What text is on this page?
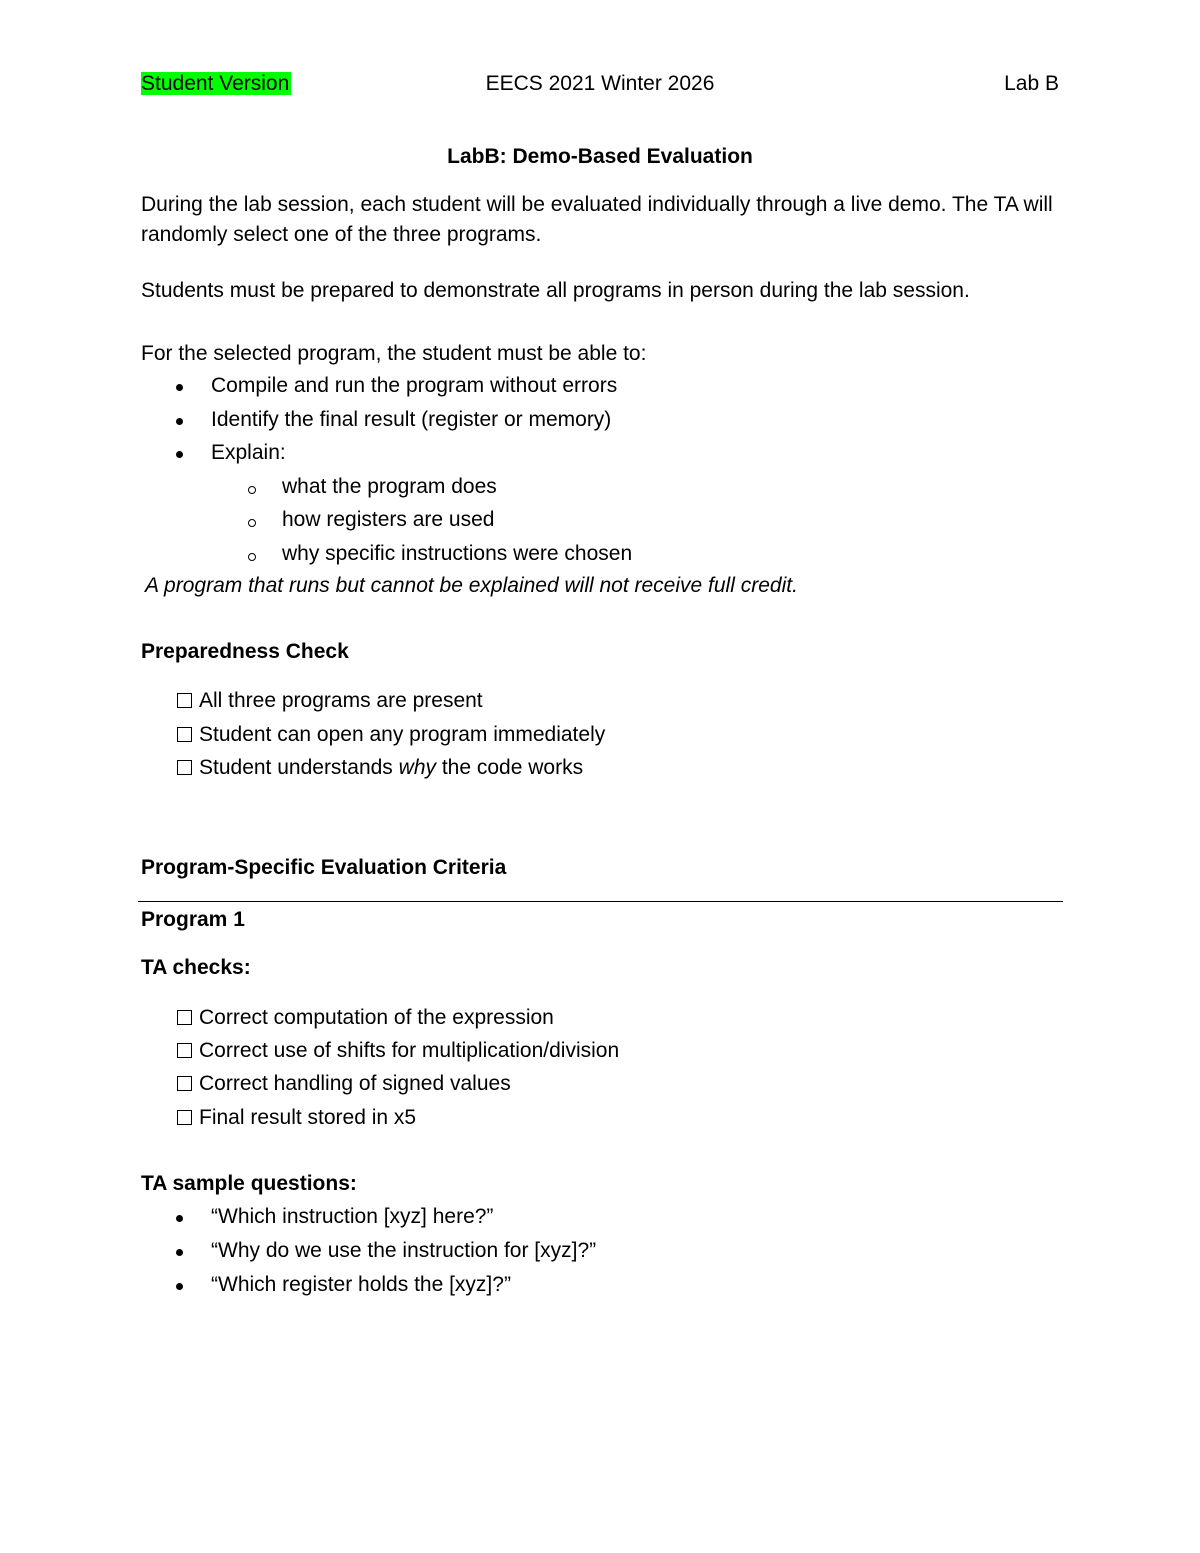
Student Version	EECS 2021 Winter 2026	Lab B
LabB: Demo-Based Evaluation
During the lab session, each student will be evaluated individually through a live demo. The TA will randomly select one of the three programs.
Students must be prepared to demonstrate all programs in person during the lab session.
For the selected program, the student must be able to:
Compile and run the program without errors
Identify the final result (register or memory)
Explain:
what the program does
how registers are used
why specific instructions were chosen
A program that runs but cannot be explained will not receive full credit.
Preparedness Check
All three programs are present
Student can open any program immediately
Student understands why the code works
Program-Specific Evaluation Criteria
Program 1
TA checks:
Correct computation of the expression
Correct use of shifts for multiplication/division
Correct handling of signed values
Final result stored in x5
TA sample questions:
“Which instruction [xyz] here?”
“Why do we use the instruction for [xyz]?”
“Which register holds the [xyz]?”
